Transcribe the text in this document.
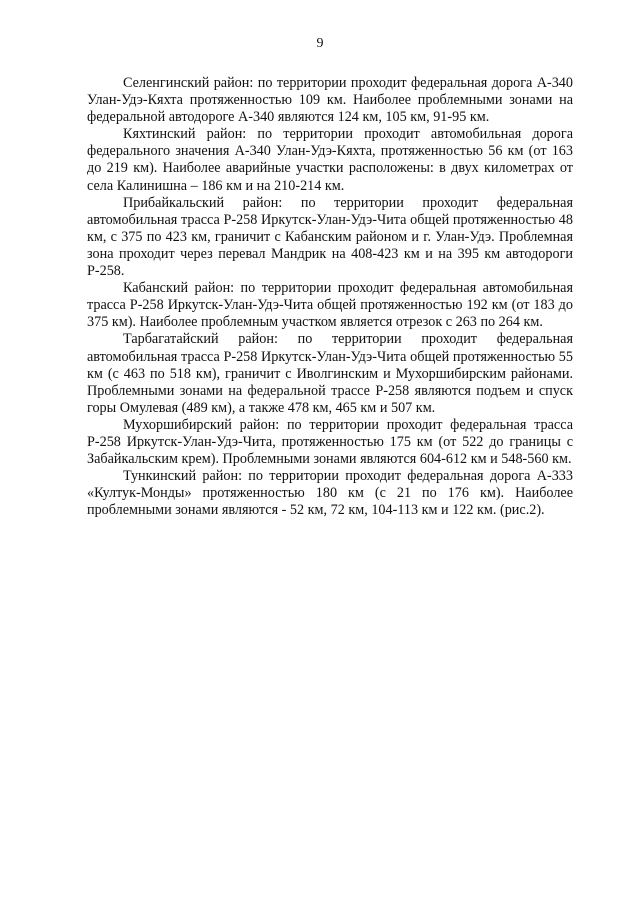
9

Селенгинский район: по территории проходит федеральная дорога А-340 Улан-Удэ-Кяхта протяженностью 109 км. Наиболее проблемными зонами на федеральной автодороге А-340 являются 124 км, 105 км, 91-95 км.

Кяхтинский район: по территории проходит автомобильная дорога федерального значения А-340 Улан-Удэ-Кяхта, протяженностью 56 км (от 163 до 219 км). Наиболее аварийные участки расположены: в двух километрах от села Калинишна – 186 км и на 210-214 км.

Прибайкальский район: по территории проходит федеральная автомобильная трасса Р-258 Иркутск-Улан-Удэ-Чита общей протяженностью 48 км, с 375 по 423 км, граничит с Кабанским районом и г. Улан-Удэ. Проблемная зона проходит через перевал Мандрик на 408-423 км и на 395 км автодороги Р-258.

Кабанский район: по территории проходит федеральная автомобильная трасса Р-258 Иркутск-Улан-Удэ-Чита общей протяженностью 192 км (от 183 до 375 км). Наиболее проблемным участком является отрезок с 263 по 264 км.

Тарбагатайский район: по территории проходит федеральная автомобильная трасса Р-258 Иркутск-Улан-Удэ-Чита общей протяженностью 55 км (с 463 по 518 км), граничит с Иволгинским и Мухоршибирским районами. Проблемными зонами на федеральной трассе Р-258 являются подъем и спуск горы Омулевая (489 км), а также 478 км, 465 км и 507 км.

Мухоршибирский район: по территории проходит федеральная трасса Р-258 Иркутск-Улан-Удэ-Чита, протяженностью 175 км (от 522 до границы с Забайкальским крем). Проблемными зонами являются 604-612 км и 548-560 км.

Тункинский район: по территории проходит федеральная дорога А-333 «Култук-Монды» протяженностью 180 км (с 21 по 176 км). Наиболее проблемными зонами являются - 52 км, 72 км, 104-113 км и 122 км. (рис.2).
